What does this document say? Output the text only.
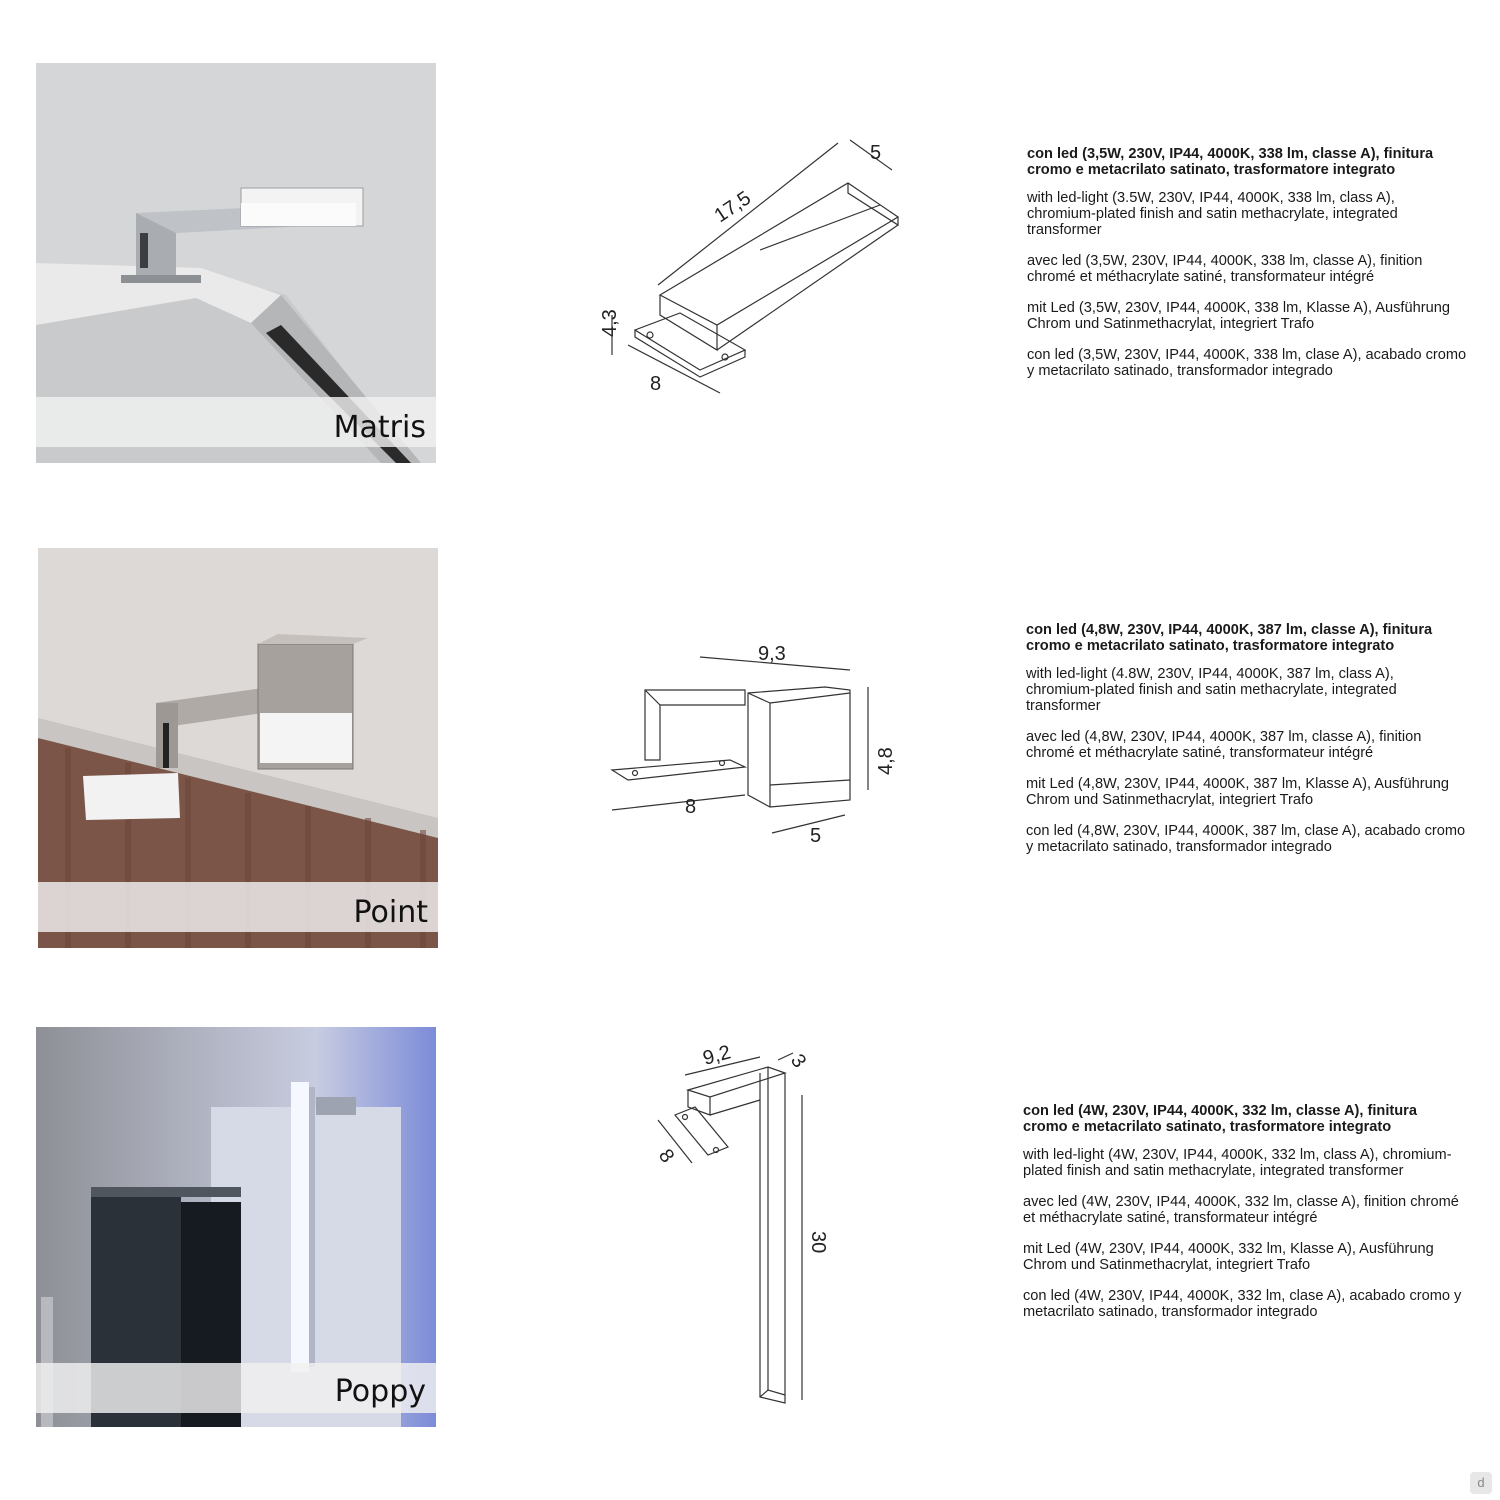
Matris
17,5
5
4,3
8

con led (3,5W, 230V, IP44, 4000K, 338 lm, classe A), finitura cromo e metacrilato satinato, trasformatore integrato

with led-light (3.5W, 230V, IP44, 4000K, 338 lm, class A), chromium-plated finish and satin methacrylate, integrated transformer

avec led (3,5W, 230V, IP44, 4000K, 338 lm, classe A), finition chromé et méthacrylate satiné, transformateur intégré

mit Led (3,5W, 230V, IP44, 4000K, 338 lm, Klasse A), Ausführung Chrom und Satinmethacrylat, integriert Trafo

con led (3,5W, 230V, IP44, 4000K, 338 lm, clase A), acabado cromo y metacrilato satinado, transformador integrado

Point
9,3
4,8
8
5

con led (4,8W, 230V, IP44, 4000K, 387 lm, classe A), finitura cromo e metacrilato satinato, trasformatore integrato

with led-light (4.8W, 230V, IP44, 4000K, 387 lm, class A), chromium-plated finish and satin methacrylate, integrated transformer

avec led (4,8W, 230V, IP44, 4000K, 387 lm, classe A), finition chromé et méthacrylate satiné, transformateur intégré

mit Led (4,8W, 230V, IP44, 4000K, 387 lm, Klasse A), Ausführung Chrom und Satinmethacrylat, integriert Trafo

con led (4,8W, 230V, IP44, 4000K, 387 lm, clase A), acabado cromo y metacrilato satinado, transformador integrado

Poppy
9,2	3
8
30

con led (4W, 230V, IP44, 4000K, 332 lm, classe A), finitura cromo e metacrilato satinato, trasformatore integrato

with led-light (4W, 230V, IP44, 4000K, 332 lm, class A), chromium-plated finish and satin methacrylate, integrated transformer

avec led (4W, 230V, IP44, 4000K, 332 lm, classe A), finition chromé et méthacrylate satiné, transformateur intégré

mit Led (4W, 230V, IP44, 4000K, 332 lm, Klasse A), Ausführung Chrom und Satinmethacrylat, integriert Trafo

con led (4W, 230V, IP44, 4000K, 332 lm, clase A), acabado cromo y metacrilato satinado, transformador integrado

d
